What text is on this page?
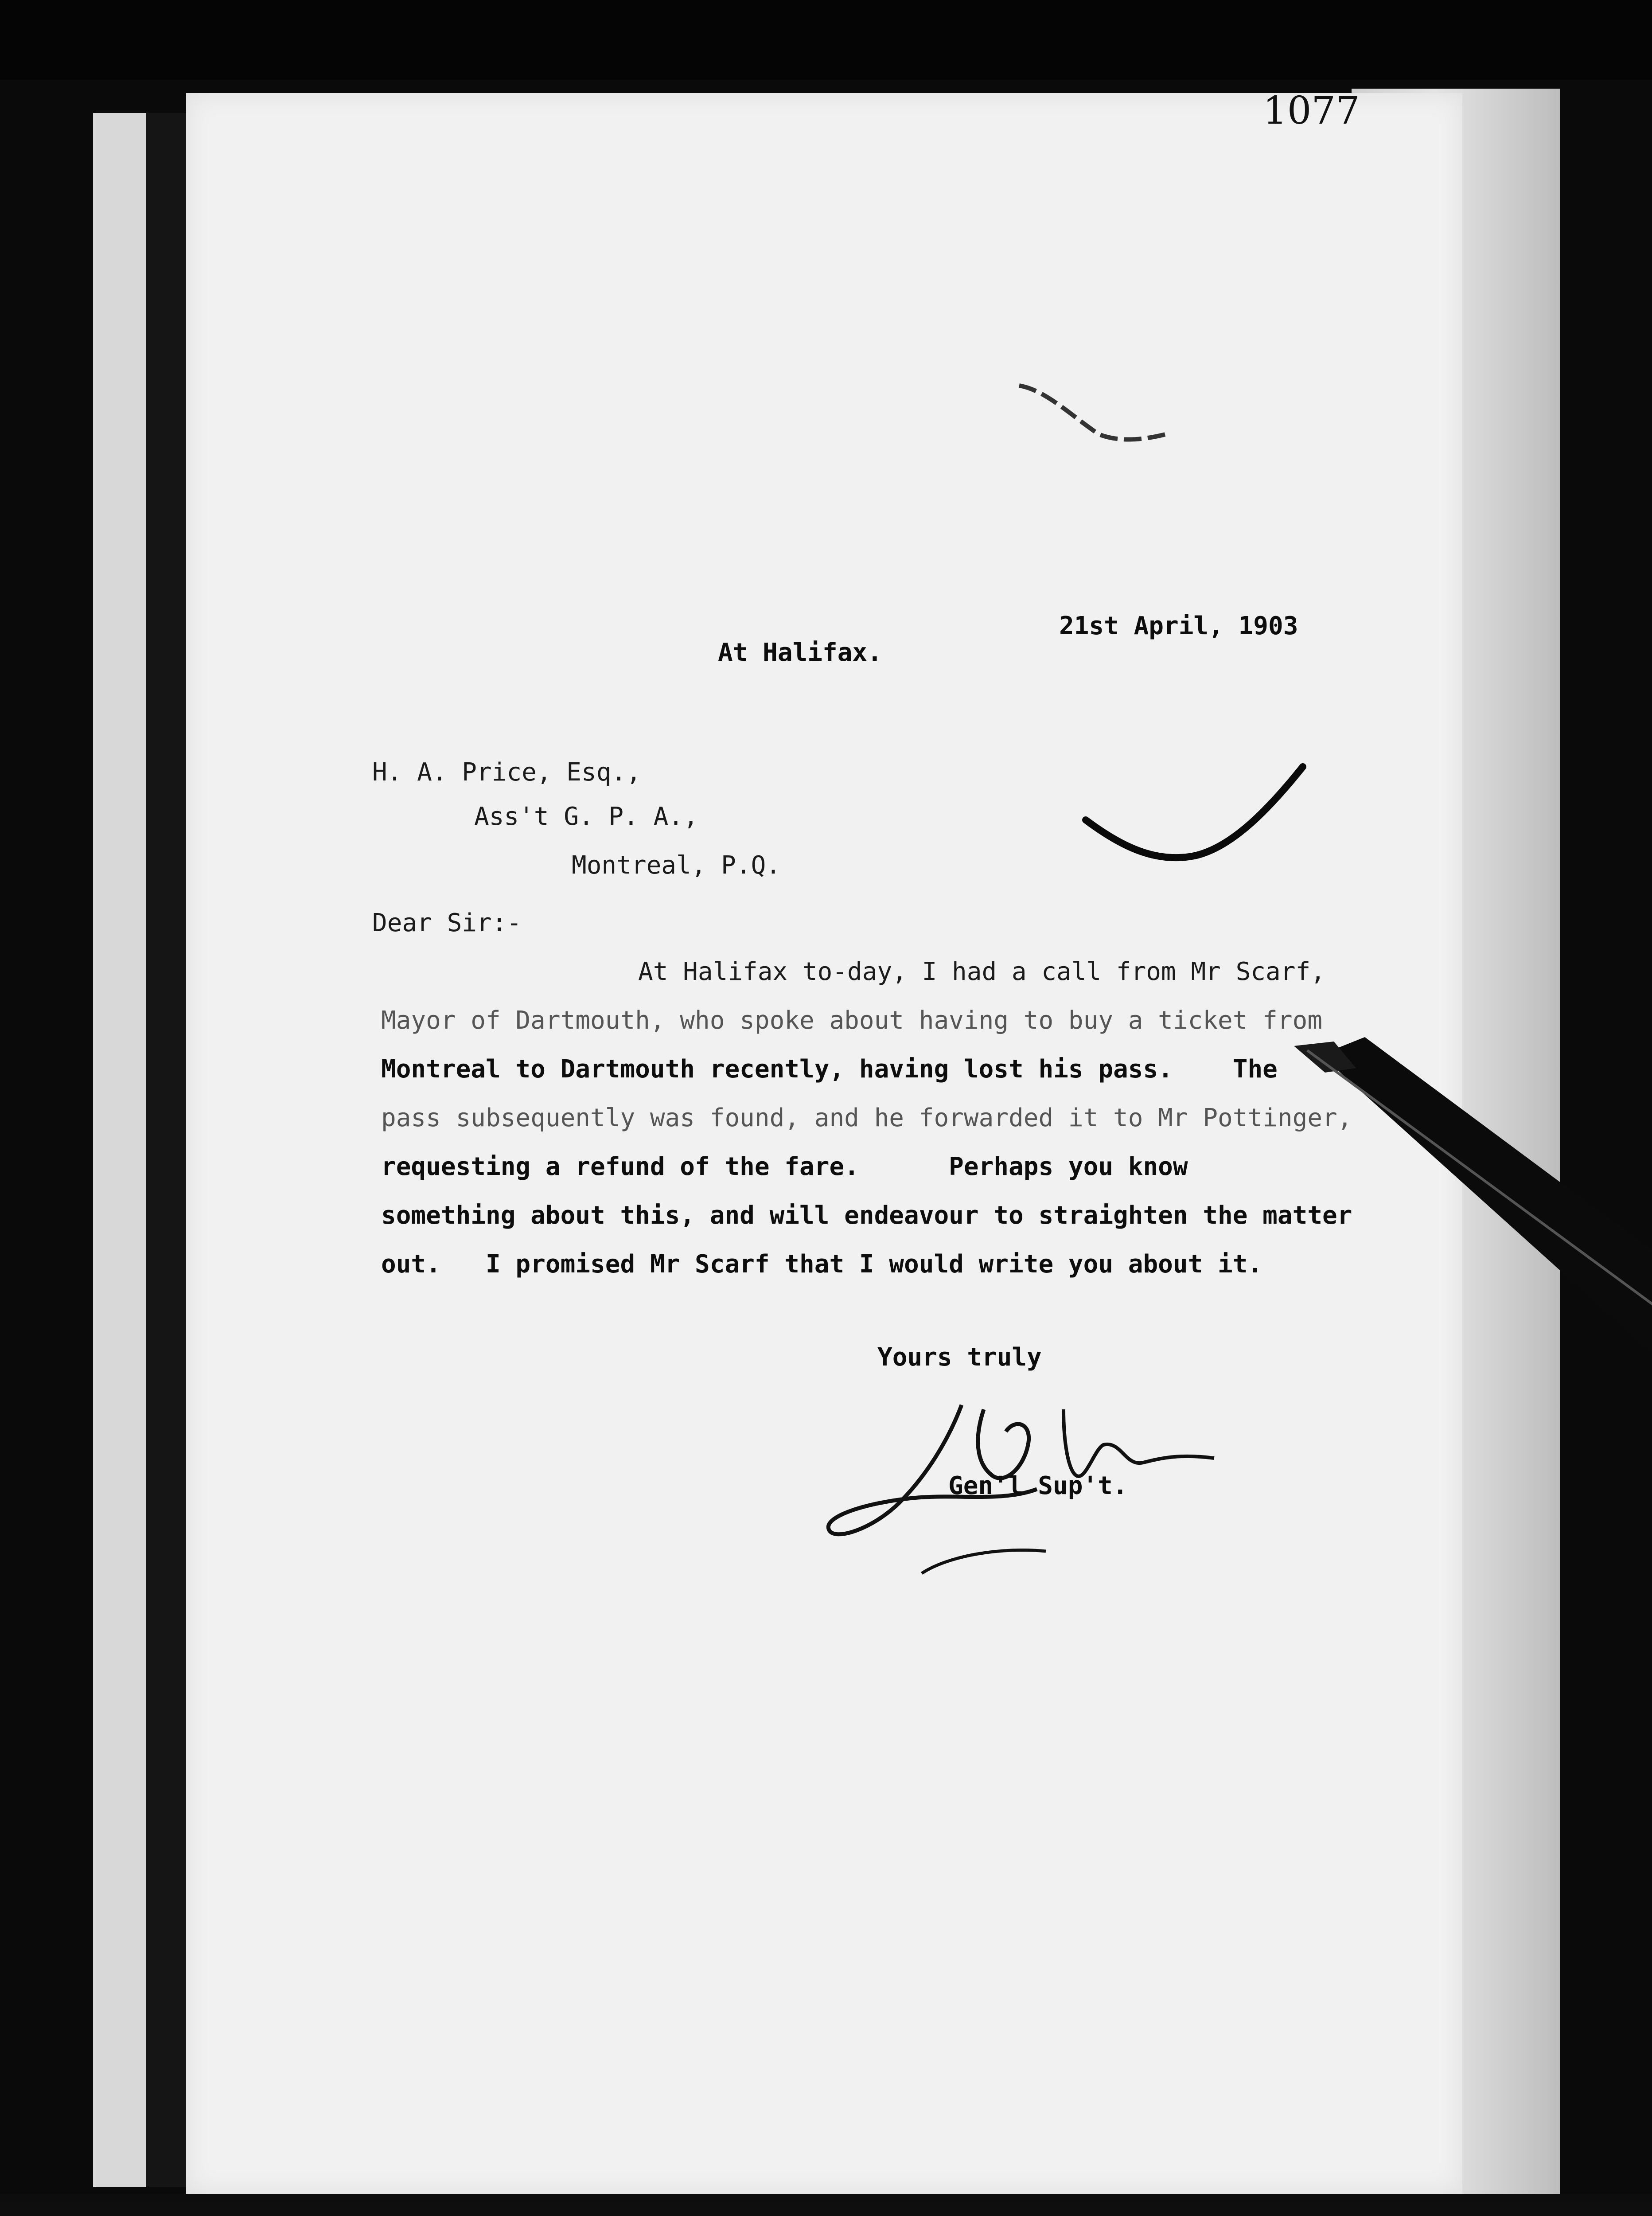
1077
21st April, 1903
At Halifax.
H. A. Price, Esq.,
Ass't G. P. A.,
Montreal, P.Q.
Dear Sir:-
At Halifax to-day, I had a call from Mr Scarf,
Mayor of Dartmouth, who spoke about having to buy a ticket from
Montreal to Dartmouth recently, having lost his pass.    The
pass subsequently was found, and he forwarded it to Mr Pottinger,
requesting a refund of the fare.      Perhaps you know
something about this, and will endeavour to straighten the matter
out.   I promised Mr Scarf that I would write you about it.
Yours truly
Gen'l Sup't.
